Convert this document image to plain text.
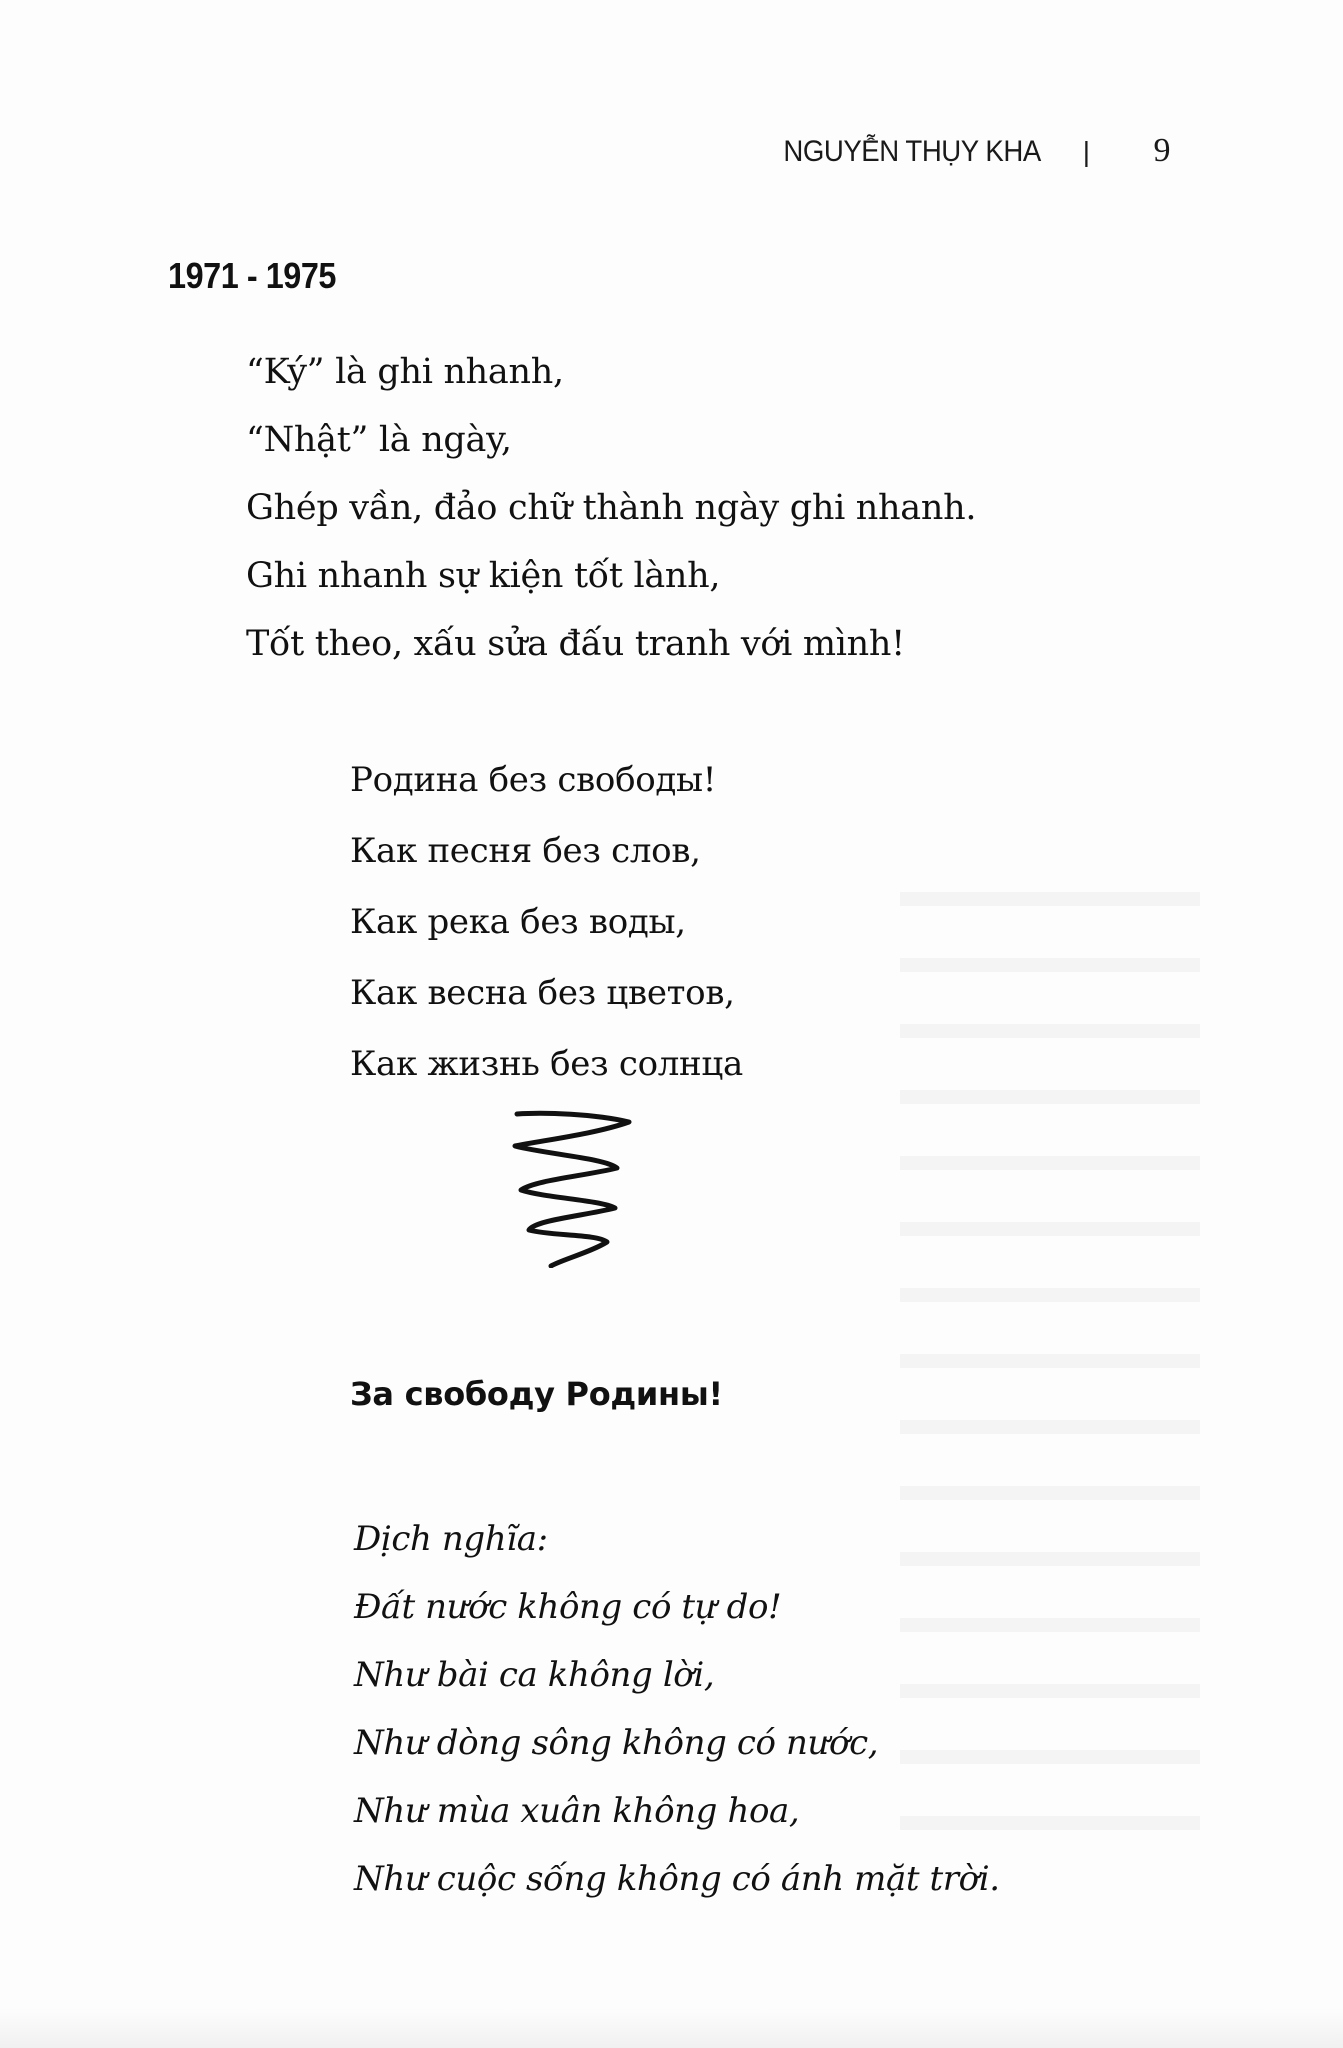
NGUYỄN THỤY KHA | 9
1971 - 1975
“Ký” là ghi nhanh,
“Nhật” là ngày,
Ghép vần, đảo chữ thành ngày ghi nhanh.
Ghi nhanh sự kiện tốt lành,
Tốt theo, xấu sửa đấu tranh với mình!
Родина без свободы!
Как песня без слов,
Как река без воды,
Как весна без цветов,
Как жизнь без солнца
За свободу Родины!
Dịch nghĩa:
Đất nước không có tự do!
Như bài ca không lời,
Như dòng sông không có nước,
Như mùa xuân không hoa,
Như cuộc sống không có ánh mặt trời.
